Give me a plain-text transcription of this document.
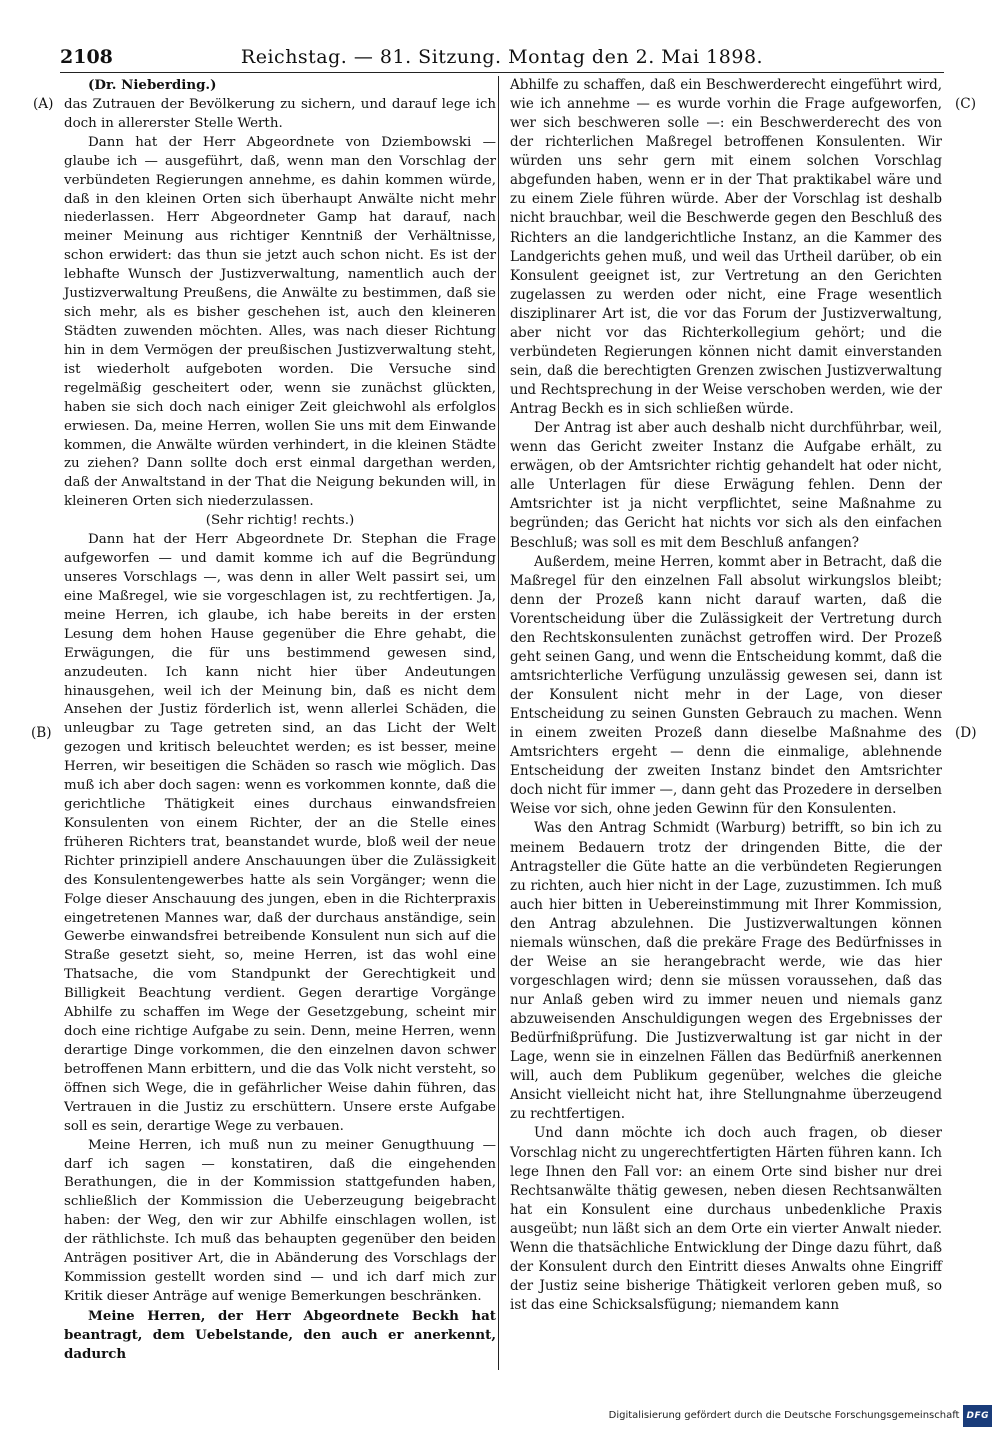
2108	Reichstag. — 81. Sitzung. Montag den 2. Mai 1898.
(A)
(B)
(C)
(D)

(Dr. Nieberding.)

das Zutrauen der Bevölkerung zu sichern, und darauf lege ich doch in allererster Stelle Werth.

Dann hat der Herr Abgeordnete von Dziembowski — glaube ich — ausgeführt, daß, wenn man den Vorschlag der verbündeten Regierungen annehme, es dahin kommen würde, daß in den kleinen Orten sich überhaupt Anwälte nicht mehr niederlassen. Herr Abgeordneter Gamp hat darauf, nach meiner Meinung aus richtiger Kenntniß der Verhältnisse, schon erwidert: das thun sie jetzt auch schon nicht. Es ist der lebhafte Wunsch der Justizverwaltung, namentlich auch der Justizverwaltung Preußens, die Anwälte zu bestimmen, daß sie sich mehr, als es bisher geschehen ist, auch den kleineren Städten zuwenden möchten. Alles, was nach dieser Richtung hin in dem Vermögen der preußischen Justizverwaltung steht, ist wiederholt aufgeboten worden. Die Versuche sind regelmäßig gescheitert oder, wenn sie zunächst glückten, haben sie sich doch nach einiger Zeit gleichwohl als erfolglos erwiesen. Da, meine Herren, wollen Sie uns mit dem Einwande kommen, die Anwälte würden verhindert, in die kleinen Städte zu ziehen? Dann sollte doch erst einmal dargethan werden, daß der Anwaltstand in der That die Neigung bekunden will, in kleineren Orten sich niederzulassen.

(Sehr richtig! rechts.)

Dann hat der Herr Abgeordnete Dr. Stephan die Frage aufgeworfen — und damit komme ich auf die Begründung unseres Vorschlags —, was denn in aller Welt passirt sei, um eine Maßregel, wie sie vorgeschlagen ist, zu rechtfertigen. Ja, meine Herren, ich glaube, ich habe bereits in der ersten Lesung dem hohen Hause gegenüber die Ehre gehabt, die Erwägungen, die für uns bestimmend gewesen sind, anzudeuten. Ich kann nicht hier über Andeutungen hinausgehen, weil ich der Meinung bin, daß es nicht dem Ansehen der Justiz förderlich ist, wenn allerlei Schäden, die unleugbar zu Tage getreten sind, an das Licht der Welt gezogen und kritisch beleuchtet werden; es ist besser, meine Herren, wir beseitigen die Schäden so rasch wie möglich. Das muß ich aber doch sagen: wenn es vorkommen konnte, daß die gerichtliche Thätigkeit eines durchaus einwandsfreien Konsulenten von einem Richter, der an die Stelle eines früheren Richters trat, beanstandet wurde, bloß weil der neue Richter prinzipiell andere Anschauungen über die Zulässigkeit des Konsulentengewerbes hatte als sein Vorgänger; wenn die Folge dieser Anschauung des jungen, eben in die Richterpraxis eingetretenen Mannes war, daß der durchaus anständige, sein Gewerbe einwandsfrei betreibende Konsulent nun sich auf die Straße gesetzt sieht, so, meine Herren, ist das wohl eine Thatsache, die vom Standpunkt der Gerechtigkeit und Billigkeit Beachtung verdient. Gegen derartige Vorgänge Abhilfe zu schaffen im Wege der Gesetzgebung, scheint mir doch eine richtige Aufgabe zu sein. Denn, meine Herren, wenn derartige Dinge vorkommen, die den einzelnen davon schwer betroffenen Mann erbittern, und die das Volk nicht versteht, so öffnen sich Wege, die in gefährlicher Weise dahin führen, das Vertrauen in die Justiz zu erschüttern. Unsere erste Aufgabe soll es sein, derartige Wege zu verbauen.

Meine Herren, ich muß nun zu meiner Genugthuung — darf ich sagen — konstatiren, daß die eingehenden Berathungen, die in der Kommission stattgefunden haben, schließlich der Kommission die Ueberzeugung beigebracht haben: der Weg, den wir zur Abhilfe einschlagen wollen, ist der räthlichste. Ich muß das behaupten gegenüber den beiden Anträgen positiver Art, die in Abänderung des Vorschlags der Kommission gestellt worden sind — und ich darf mich zur Kritik dieser Anträge auf wenige Bemerkungen beschränken.

Meine Herren, der Herr Abgeordnete Beckh hat beantragt, dem Uebelstande, den auch er anerkennt, dadurch

Abhilfe zu schaffen, daß ein Beschwerderecht eingeführt wird, wie ich annehme — es wurde vorhin die Frage aufgeworfen, wer sich beschweren solle —: ein Beschwerderecht des von der richterlichen Maßregel betroffenen Konsulenten. Wir würden uns sehr gern mit einem solchen Vorschlag abgefunden haben, wenn er in der That praktikabel wäre und zu einem Ziele führen würde. Aber der Vorschlag ist deshalb nicht brauchbar, weil die Beschwerde gegen den Beschluß des Richters an die landgerichtliche Instanz, an die Kammer des Landgerichts gehen muß, und weil das Urtheil darüber, ob ein Konsulent geeignet ist, zur Vertretung an den Gerichten zugelassen zu werden oder nicht, eine Frage wesentlich disziplinarer Art ist, die vor das Forum der Justizverwaltung, aber nicht vor das Richterkollegium gehört; und die verbündeten Regierungen können nicht damit einverstanden sein, daß die berechtigten Grenzen zwischen Justizverwaltung und Rechtsprechung in der Weise verschoben werden, wie der Antrag Beckh es in sich schließen würde.

Der Antrag ist aber auch deshalb nicht durchführbar, weil, wenn das Gericht zweiter Instanz die Aufgabe erhält, zu erwägen, ob der Amtsrichter richtig gehandelt hat oder nicht, alle Unterlagen für diese Erwägung fehlen. Denn der Amtsrichter ist ja nicht verpflichtet, seine Maßnahme zu begründen; das Gericht hat nichts vor sich als den einfachen Beschluß; was soll es mit dem Beschluß anfangen?

Außerdem, meine Herren, kommt aber in Betracht, daß die Maßregel für den einzelnen Fall absolut wirkungslos bleibt; denn der Prozeß kann nicht darauf warten, daß die Vorentscheidung über die Zulässigkeit der Vertretung durch den Rechtskonsulenten zunächst getroffen wird. Der Prozeß geht seinen Gang, und wenn die Entscheidung kommt, daß die amtsrichterliche Verfügung unzulässig gewesen sei, dann ist der Konsulent nicht mehr in der Lage, von dieser Entscheidung zu seinen Gunsten Gebrauch zu machen. Wenn in einem zweiten Prozeß dann dieselbe Maßnahme des Amtsrichters ergeht — denn die einmalige, ablehnende Entscheidung der zweiten Instanz bindet den Amtsrichter doch nicht für immer —, dann geht das Prozedere in derselben Weise vor sich, ohne jeden Gewinn für den Konsulenten.

Was den Antrag Schmidt (Warburg) betrifft, so bin ich zu meinem Bedauern trotz der dringenden Bitte, die der Antragsteller die Güte hatte an die verbündeten Regierungen zu richten, auch hier nicht in der Lage, zuzustimmen. Ich muß auch hier bitten in Uebereinstimmung mit Ihrer Kommission, den Antrag abzulehnen. Die Justizverwaltungen können niemals wünschen, daß die prekäre Frage des Bedürfnisses in der Weise an sie herangebracht werde, wie das hier vorgeschlagen wird; denn sie müssen voraussehen, daß das nur Anlaß geben wird zu immer neuen und niemals ganz abzuweisenden Anschuldigungen wegen des Ergebnisses der Bedürfnißprüfung. Die Justizverwaltung ist gar nicht in der Lage, wenn sie in einzelnen Fällen das Bedürfniß anerkennen will, auch dem Publikum gegenüber, welches die gleiche Ansicht vielleicht nicht hat, ihre Stellungnahme überzeugend zu rechtfertigen.

Und dann möchte ich doch auch fragen, ob dieser Vorschlag nicht zu ungerechtfertigten Härten führen kann. Ich lege Ihnen den Fall vor: an einem Orte sind bisher nur drei Rechtsanwälte thätig gewesen, neben diesen Rechtsanwälten hat ein Konsulent eine durchaus unbedenkliche Praxis ausgeübt; nun läßt sich an dem Orte ein vierter Anwalt nieder. Wenn die thatsächliche Entwicklung der Dinge dazu führt, daß der Konsulent durch den Eintritt dieses Anwalts ohne Eingriff der Justiz seine bisherige Thätigkeit verloren geben muß, so ist das eine Schicksalsfügung; niemandem kann

Digitalisierung gefördert durch die Deutsche Forschungsgemeinschaft DFG
